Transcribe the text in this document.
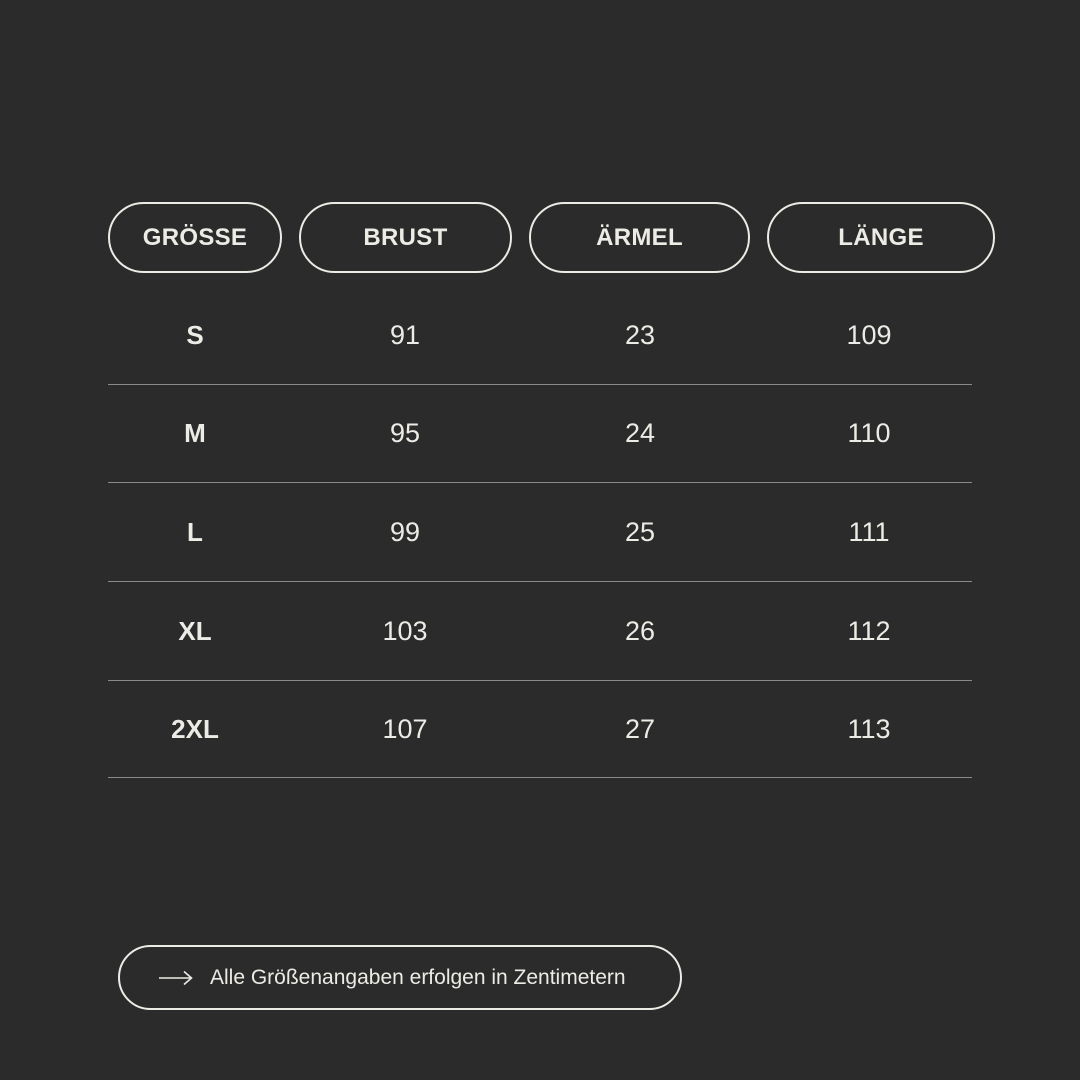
GRÖSSE	BRUST	ÄRMEL	LÄNGE
S	91	23	109
M	95	24	110
L	99	25	111
XL	103	26	112
2XL	107	27	113
Alle Größenangaben erfolgen in Zentimetern
